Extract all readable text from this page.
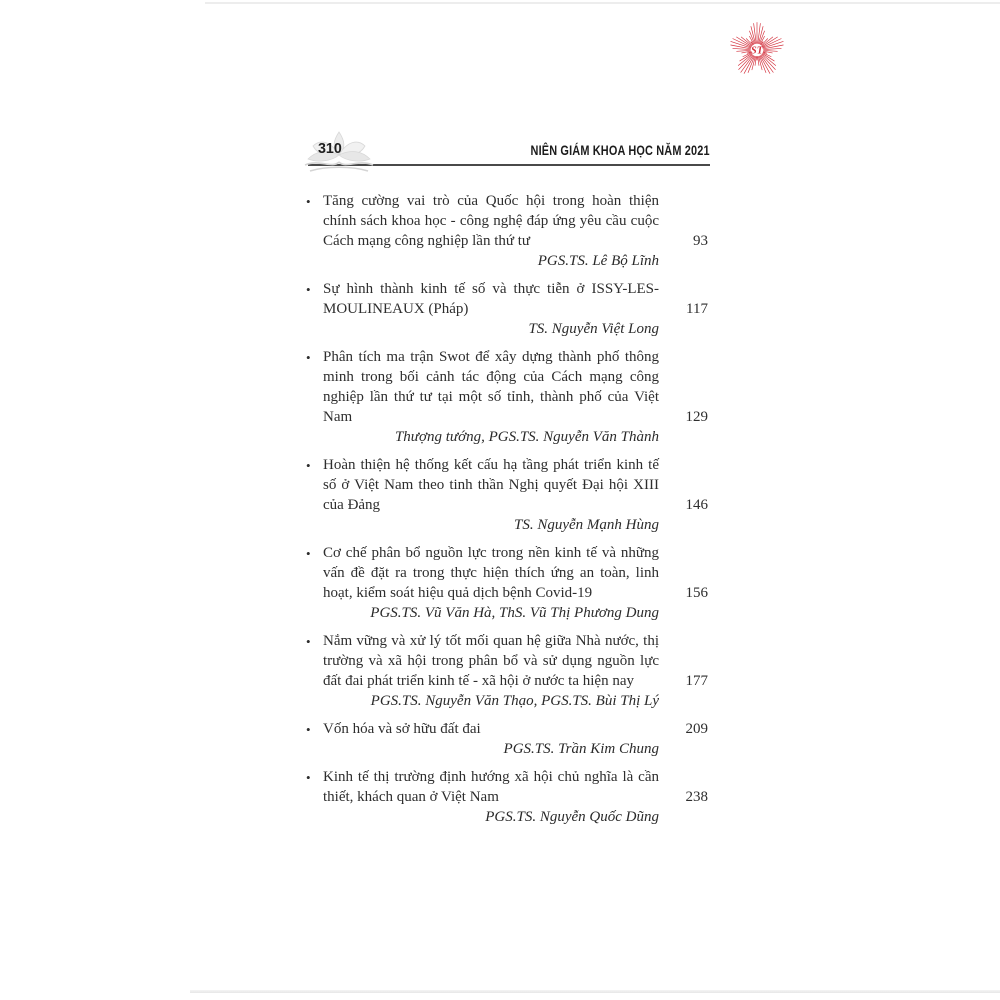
ST
310	NIÊN GIÁM KHOA HỌC NĂM 2021
• Tăng cường vai trò của Quốc hội trong hoàn thiện chính sách khoa học - công nghệ đáp ứng yêu cầu cuộc Cách mạng công nghiệp lần thứ tư	93
PGS.TS. Lê Bộ Lĩnh
• Sự hình thành kinh tế số và thực tiễn ở ISSY-LES-MOULINEAUX (Pháp)	117
TS. Nguyễn Việt Long
• Phân tích ma trận Swot để xây dựng thành phố thông minh trong bối cảnh tác động của Cách mạng công nghiệp lần thứ tư tại một số tỉnh, thành phố của Việt Nam	129
Thượng tướng, PGS.TS. Nguyễn Văn Thành
• Hoàn thiện hệ thống kết cấu hạ tầng phát triển kinh tế số ở Việt Nam theo tinh thần Nghị quyết Đại hội XIII của Đảng	146
TS. Nguyễn Mạnh Hùng
• Cơ chế phân bổ nguồn lực trong nền kinh tế và những vấn đề đặt ra trong thực hiện thích ứng an toàn, linh hoạt, kiểm soát hiệu quả dịch bệnh Covid-19	156
PGS.TS. Vũ Văn Hà, ThS. Vũ Thị Phương Dung
• Nắm vững và xử lý tốt mối quan hệ giữa Nhà nước, thị trường và xã hội trong phân bổ và sử dụng nguồn lực đất đai phát triển kinh tế - xã hội ở nước ta hiện nay	177
PGS.TS. Nguyễn Văn Thạo, PGS.TS. Bùi Thị Lý
• Vốn hóa và sở hữu đất đai	209
PGS.TS. Trần Kim Chung
• Kinh tế thị trường định hướng xã hội chủ nghĩa là cần thiết, khách quan ở Việt Nam	238
PGS.TS. Nguyễn Quốc Dũng
